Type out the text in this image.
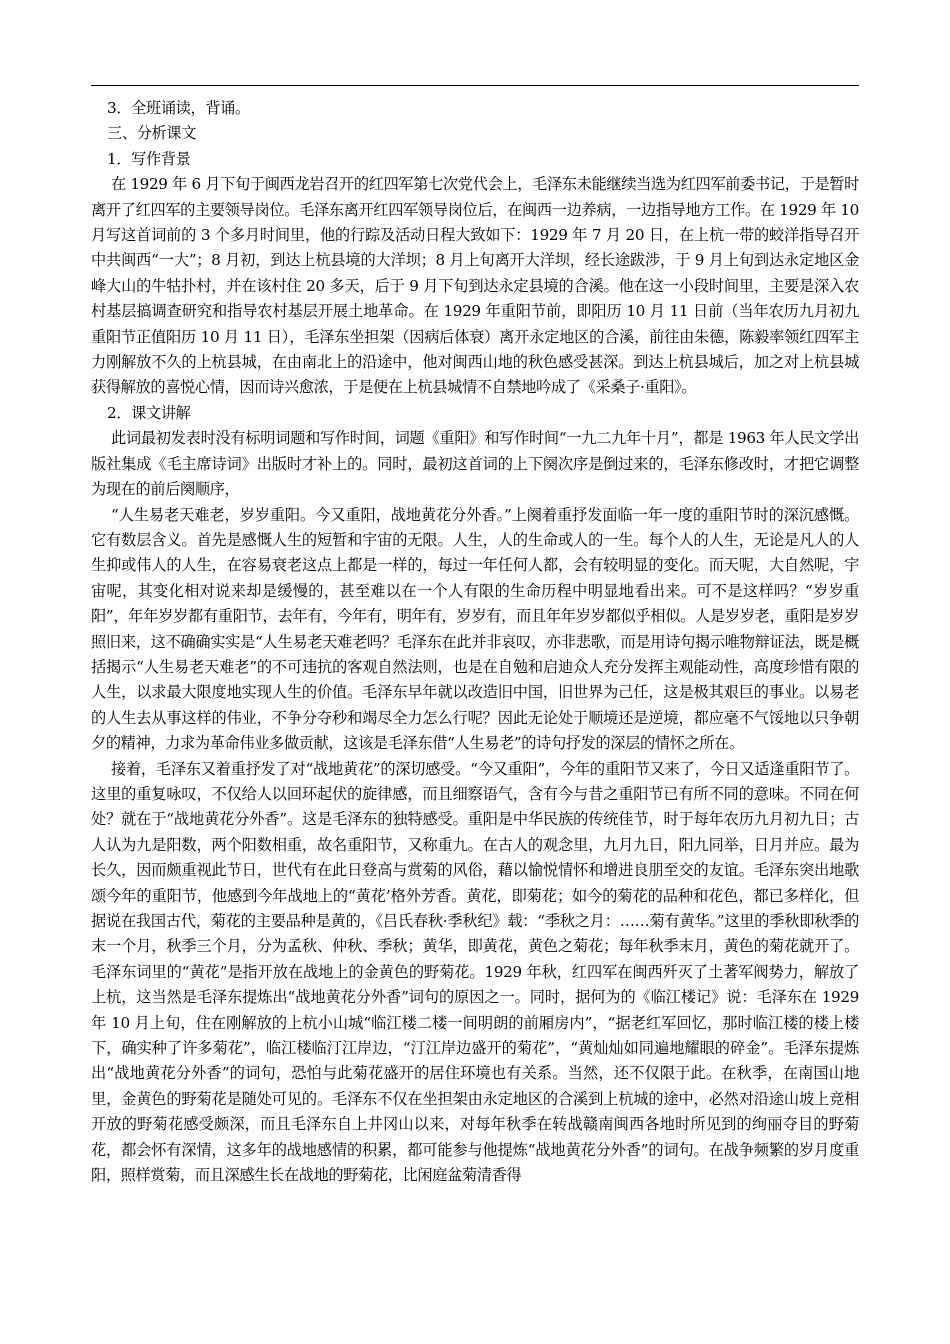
3．全班诵读，背诵。

三、分析课文

1．写作背景

在 1929 年 6 月下旬于闽西龙岩召开的红四军第七次党代会上，毛泽东未能继续当选为红四军前委书记，于是暂时离开了红四军的主要领导岗位。毛泽东离开红四军领导岗位后，在闽西一边养病，一边指导地方工作。在 1929 年 10 月写这首词前的 3 个多月时间里，他的行踪及活动日程大致如下：1929 年 7 月 20 日，在上杭一带的蛟洋指导召开中共闽西“一大”；8 月初，到达上杭县境的大洋坝；8 月上旬离开大洋坝，经长途跋涉，于 9 月上旬到达永定地区金峰大山的牛牯扑村，并在该村住 20 多天，后于 9 月下旬到达永定县境的合溪。他在这一小段时间里，主要是深入农村基层搞调查研究和指导农村基层开展土地革命。在 1929 年重阳节前，即阳历 10 月 11 日前（当年农历九月初九重阳节正值阳历 10 月 11 日），毛泽东坐担架（因病后体衰）离开永定地区的合溪，前往由朱德，陈毅率领红四军主力刚解放不久的上杭县城，在由南北上的沿途中，他对闽西山地的秋色感受甚深。到达上杭县城后，加之对上杭县城获得解放的喜悦心情，因而诗兴愈浓，于是便在上杭县城情不自禁地吟成了《采桑子·重阳》。

2．课文讲解

此词最初发表时没有标明词题和写作时间，词题《重阳》和写作时间“一九二九年十月”，都是 1963 年人民文学出版社集成《毛主席诗词》出版时才补上的。同时，最初这首词的上下阕次序是倒过来的，毛泽东修改时，才把它调整为现在的前后阕顺序，

“人生易老天难老，岁岁重阳。今又重阳，战地黄花分外香。”上阕着重抒发面临一年一度的重阳节时的深沉感慨。它有数层含义。首先是感慨人生的短暂和宇宙的无限。人生，人的生命或人的一生。每个人的人生，无论是凡人的人生抑或伟人的人生，在容易衰老这点上都是一样的，每过一年任何人都，会有较明显的变化。而天呢，大自然呢，宇宙呢，其变化相对说来却是缓慢的，甚至难以在一个人有限的生命历程中明显地看出来。可不是这样吗？“岁岁重阳”，年年岁岁都有重阳节，去年有，今年有，明年有，岁岁有，而且年年岁岁都似乎相似。人是岁岁老，重阳是岁岁照旧来，这不确确实实是“人生易老天难老吗？毛泽东在此并非哀叹，亦非悲歌，而是用诗句揭示唯物辩证法，既是概括揭示“人生易老天难老”的不可违抗的客观自然法则，也是在自勉和启迪众人充分发挥主观能动性，高度珍惜有限的人生，以求最大限度地实现人生的价值。毛泽东早年就以改造旧中国，旧世界为己任，这是极其艰巨的事业。以易老的人生去从事这样的伟业，不争分夺秒和竭尽全力怎么行呢？因此无论处于顺境还是逆境，都应毫不气馁地以只争朝夕的精神，力求为革命伟业多做贡献，这该是毛泽东借“人生易老”的诗句抒发的深层的情怀之所在。

接着，毛泽东又着重抒发了对“战地黄花”的深切感受。“今又重阳”，今年的重阳节又来了，今日又适逢重阳节了。这里的重复咏叹，不仅给人以回环起伏的旋律感，而且细察语气，含有今与昔之重阳节已有所不同的意味。不同在何处？就在于“战地黄花分外香”。这是毛泽东的独特感受。重阳是中华民族的传统佳节，时于每年农历九月初九日；古人认为九是阳数，两个阳数相重，故名重阳节，又称重九。在古人的观念里，九月九日，阳九同举，日月并应。最为长久，因而颇重视此节日，世代有在此日登高与赏菊的风俗，藉以愉悦情怀和增进良朋至交的友谊。毛泽东突出地歌颂今年的重阳节，他感到今年战地上的“黄花’格外芳香。黄花，即菊花；如今的菊花的品种和花色，都已多样化，但据说在我国古代，菊花的主要品种是黄的，《吕氏春秋·季秋纪》载：“季秋之月：……菊有黄华。”这里的季秋即秋季的末一个月，秋季三个月，分为孟秋、仲秋、季秋；黄华，即黄花，黄色之菊花；每年秋季末月，黄色的菊花就开了。毛泽东词里的“黄花”是指开放在战地上的金黄色的野菊花。1929 年秋，红四军在闽西歼灭了土著军阀势力，解放了上杭，这当然是毛泽东提炼出“战地黄花分外香”词句的原因之一。同时，据何为的《临江楼记》说：毛泽东在 1929 年 10 月上旬，住在刚解放的上杭小山城“临江楼二楼一间明朗的前厢房内”，“据老红军回忆，那时临江楼的楼上楼下，确实种了许多菊花”，临江楼临汀江岸边，“汀江岸边盛开的菊花”，“黄灿灿如同遍地耀眼的碎金”。毛泽东提炼出“战地黄花分外香”的词句，恐怕与此菊花盛开的居住环境也有关系。当然，还不仅限于此。在秋季，在南国山地里，金黄色的野菊花是随处可见的。毛泽东不仅在坐担架由永定地区的合溪到上杭城的途中，必然对沿途山坡上竞相开放的野菊花感受颇深，而且毛泽东自上井冈山以来，对每年秋季在转战赣南闽西各地时所见到的绚丽夺目的野菊花，都会怀有深情，这多年的战地感情的积累，都可能参与他提炼“战地黄花分外香”的词句。在战争频繁的岁月度重阳，照样赏菊，而且深感生长在战地的野菊花，比闲庭盆菊清香得
